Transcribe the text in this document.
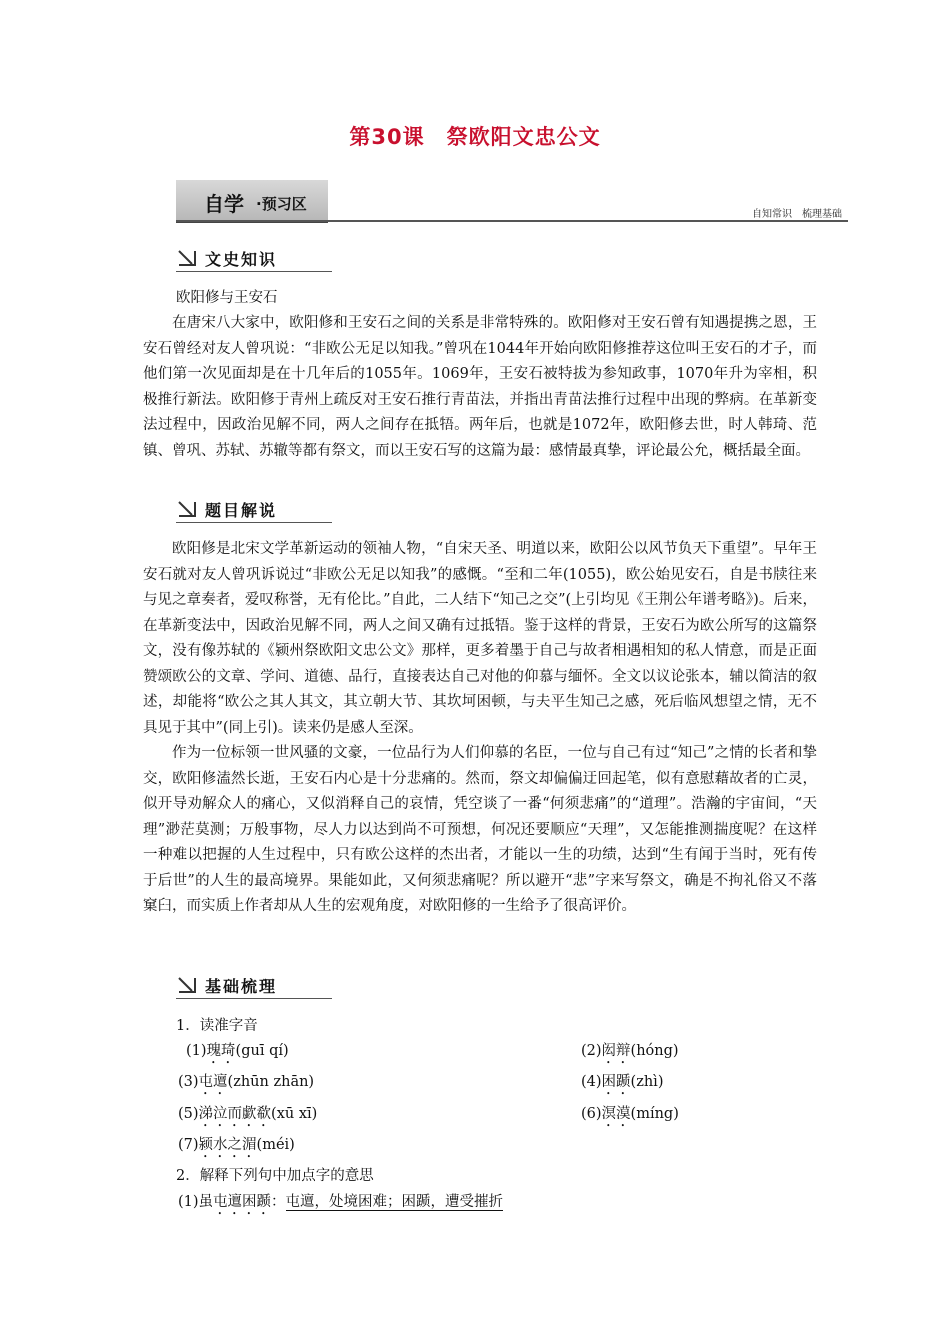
第30课　祭欧阳文忠公文
自学 ·预习区
自知常识　梳理基础
文史知识
欧阳修与王安石

在唐宋八大家中，欧阳修和王安石之间的关系是非常特殊的。欧阳修对王安石曾有知遇提携之恩，王安石曾经对友人曾巩说：“非欧公无足以知我。”曾巩在1044年开始向欧阳修推荐这位叫王安石的才子，而他们第一次见面却是在十几年后的1055年。1069年，王安石被特拔为参知政事，1070年升为宰相，积极推行新法。欧阳修于青州上疏反对王安石推行青苗法，并指出青苗法推行过程中出现的弊病。在革新变法过程中，因政治见解不同，两人之间存在抵牾。两年后，也就是1072年，欧阳修去世，时人韩琦、范镇、曾巩、苏轼、苏辙等都有祭文，而以王安石写的这篇为最：感情最真挚，评论最公允，概括最全面。

题目解说

欧阳修是北宋文学革新运动的领袖人物，“自宋天圣、明道以来，欧阳公以风节负天下重望”。早年王安石就对友人曾巩诉说过“非欧公无足以知我”的感慨。“至和二年(1055)，欧公始见安石，自是书牍往来与见之章奏者，爱叹称誉，无有伦比。”自此，二人结下“知己之交”(上引均见《王荆公年谱考略》)。后来，在革新变法中，因政治见解不同，两人之间又确有过抵牾。鉴于这样的背景，王安石为欧公所写的这篇祭文，没有像苏轼的《颍州祭欧阳文忠公文》那样，更多着墨于自己与故者相遇相知的私人情意，而是正面赞颂欧公的文章、学问、道德、品行，直接表达自己对他的仰慕与缅怀。全文以议论张本，辅以简洁的叙述，却能将“欧公之其人其文，其立朝大节、其坎坷困顿，与夫平生知己之感，死后临风想望之情，无不具见于其中”(同上引)。读来仍是感人至深。

作为一位标领一世风骚的文豪，一位品行为人们仰慕的名臣，一位与自己有过“知己”之情的长者和挚交，欧阳修溘然长逝，王安石内心是十分悲痛的。然而，祭文却偏偏迂回起笔，似有意慰藉故者的亡灵，似开导劝解众人的痛心，又似消释自己的哀情，凭空谈了一番“何须悲痛”的“道理”。浩瀚的宇宙间，“天理”渺茫莫测；万般事物，尽人力以达到尚不可预想，何况还要顺应“天理”，又怎能推测揣度呢？在这样一种难以把握的人生过程中，只有欧公这样的杰出者，才能以一生的功绩，达到“生有闻于当时，死有传于后世”的人生的最高境界。果能如此，又何须悲痛呢？所以避开“悲”字来写祭文，确是不拘礼俗又不落窠臼，而实质上作者却从人生的宏观角度，对欧阳修的一生给予了很高评价。

基础梳理
1．读准字音
(1)瑰琦(guī qí)	(2)闳辩(hóng)
(3)屯邅(zhūn zhān)	(4)困踬(zhì)
(5)涕泣而歔欷(xū xī)	(6)溟漠(míng)
(7)颍水之湄(méi)
2．解释下列句中加点字的意思
(1)虽屯邅困踬：屯邅，处境困难；困踬，遭受摧折
